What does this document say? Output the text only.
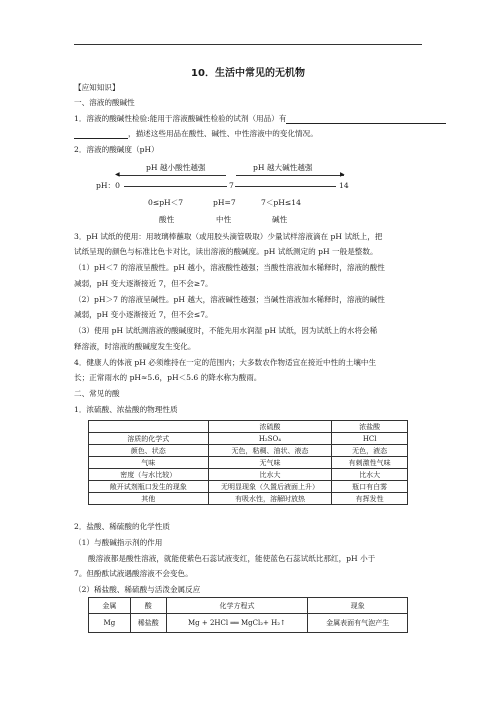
10．生活中常见的无机物
【应知知识】
一、溶液的酸碱性
1．溶液的酸碱性检验:能用于溶液酸碱性检验的试剂（用品）有
，描述这些用品在酸性、碱性、中性溶液中的变化情况。
2．溶液的酸碱度（pH）
pH 越小酸性越强	pH 越大碱性越强
◀	▶
pH：0	7	14
0≤pH＜7	pH=7	7＜pH≤14
酸性	中性	碱性
3．pH 试纸的使用：用玻璃棒蘸取（或用胶头滴管吸取）少量试样溶液滴在 pH 试纸上，把
试纸呈现的颜色与标准比色卡对比，读出溶液的酸碱度。pH 试纸测定的 pH 一般是整数。
（1）pH＜7 的溶液呈酸性。pH 越小，溶液酸性越强；当酸性溶液加水稀释时，溶液的酸性
减弱，pH 变大逐渐接近 7，但不会≥7。
（2）pH＞7 的溶液呈碱性。pH 越大，溶液碱性越强；当碱性溶液加水稀释时，溶液的碱性
减弱，pH 变小逐渐接近 7，但不会≤7。
（3）使用 pH 试纸测溶液的酸碱度时，不能先用水润湿 pH 试纸，因为试纸上的水将会稀
释溶液，时溶液的酸碱度发生变化。
4．健康人的体液 pH 必须维持在一定的范围内；大多数农作物适宜在接近中性的土壤中生
长；正常雨水的 pH≈5.6，pH＜5.6 的降水称为酸雨。
二、常见的酸
1．浓硫酸、浓盐酸的物理性质
	浓硫酸	浓盐酸
溶质的化学式	H₂SO₄	HCl
颜色、状态	无色，粘稠、油状、液态	无色，液态
气味	无气味	有刺激性气味
密度（与水比较）	比水大	比水大
敞开试剂瓶口发生的现象	无明显现象（久置后液面上升）	瓶口有白雾
其他	有吸水性，溶解时放热	有挥发性
2．盐酸、稀硫酸的化学性质
（1）与酸碱指示剂的作用
酸溶液都是酸性溶液，就能使紫色石蕊试液变红，能使蓝色石蕊试纸比那红，pH 小于
7。但酚酞试液遇酸溶液不会变色。
（2）稀盐酸、稀硫酸与活泼金属反应
金属	酸	化学方程式	现象
Mg	稀盐酸	Mg + 2HCl ══ MgCl₂+ H₂↑	金属表面有气泡产生
